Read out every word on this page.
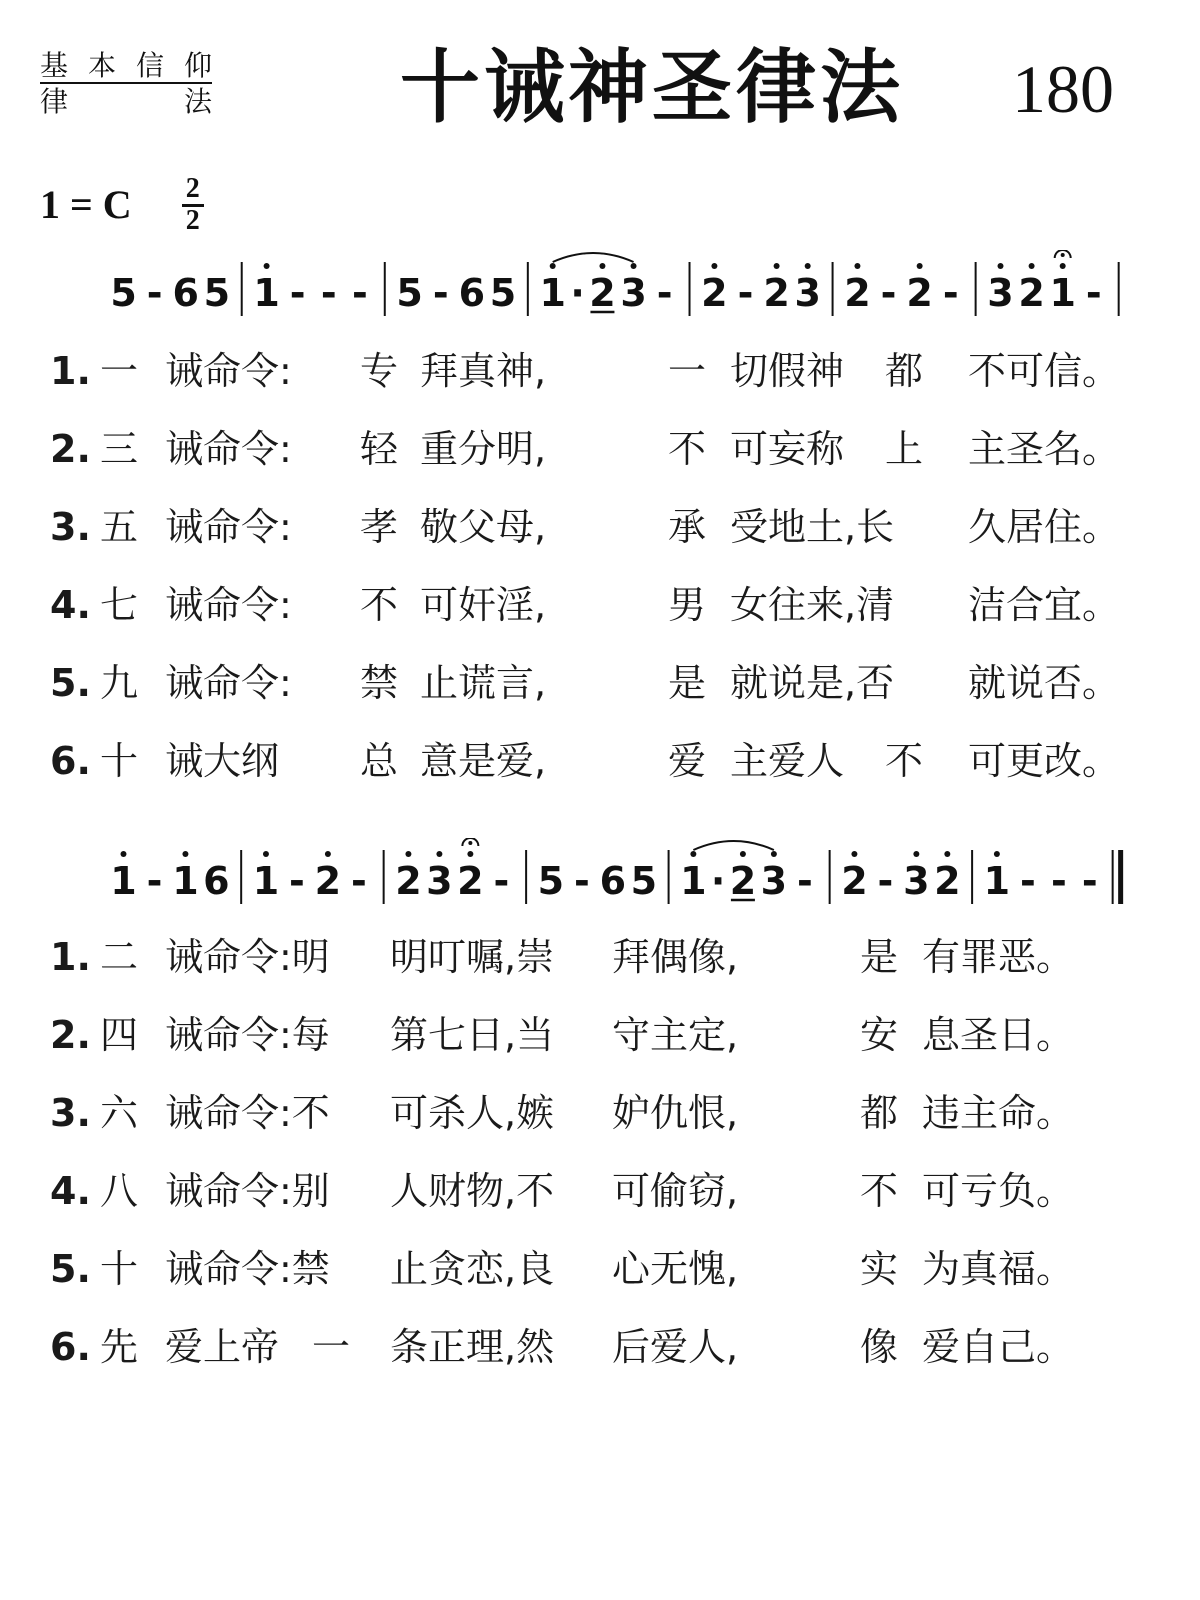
基 本 信 仰
律	法 十诫神圣律法 180
1 = C 2
2
5 - 6 5 1 - - - 5 - 6 5 1 · 2 3 - 2 - 2 3 2 - 2 - 3 2 1 -
1. 一 诫命令: 专 拜真神,	一 切假神 都 不可信。
2. 三 诫命令: 轻 重分明,	不 可妄称 上 主圣名。
3. 五 诫命令: 孝 敬父母,	承 受地土,长 久居住。
4. 七 诫命令: 不 可奸淫,	男 女往来,清 洁合宜。
5. 九 诫命令: 禁 止谎言,	是 就说是,否 就说否。
6. 十 诫大纲 总 意是爱,	爱 主爱人 不 可更改。
1 - 1 6 1 - 2 - 2 3 2 - 5 - 6 5 1 · 2 3 - 2 - 3 2 1 - - -
1. 二 诫命令:明 明叮嘱,崇 拜偶像,	是 有罪恶。
2. 四 诫命令:每 第七日,当 守主定,	安 息圣日。
3. 六 诫命令:不 可杀人,嫉 妒仇恨,	都 违主命。
4. 八 诫命令:别 人财物,不 可偷窃,	不 可亏负。
5. 十 诫命令:禁 止贪恋,良 心无愧,	实 为真福。
6. 先 爱上帝 一 条正理,然 后爱人,	像 爱自己。
